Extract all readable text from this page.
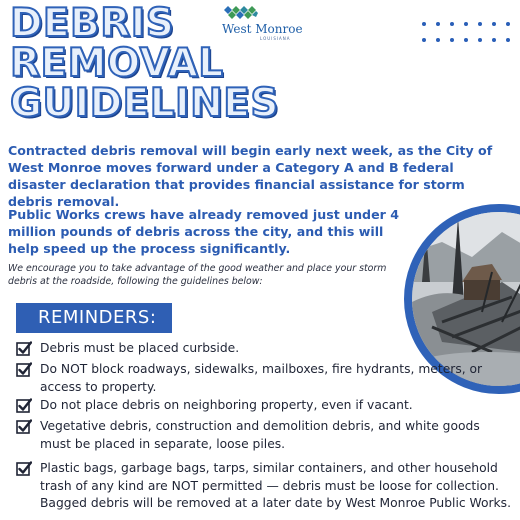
DEBRIS
REMOVAL
GUIDELINES
West Monroe
LOUISIANA

Contracted debris removal will begin early next week, as the City of West Monroe moves forward under a Category A and B federal disaster declaration that provides financial assistance for storm debris removal.

Public Works crews have already removed just under 4 million pounds of debris across the city, and this will help speed up the process significantly.

We encourage you to take advantage of the good weather and place your storm debris at the roadside, following the guidelines below:

REMINDERS:
Debris must be placed curbside.
Do NOT block roadways, sidewalks, mailboxes, fire hydrants, meters, or access to property.
Do not place debris on neighboring property, even if vacant.
Vegetative debris, construction and demolition debris, and white goods must be placed in separate, loose piles.
Plastic bags, garbage bags, tarps, similar containers, and other household trash of any kind are NOT permitted — debris must be loose for collection. Bagged debris will be removed at a later date by West Monroe Public Works.
